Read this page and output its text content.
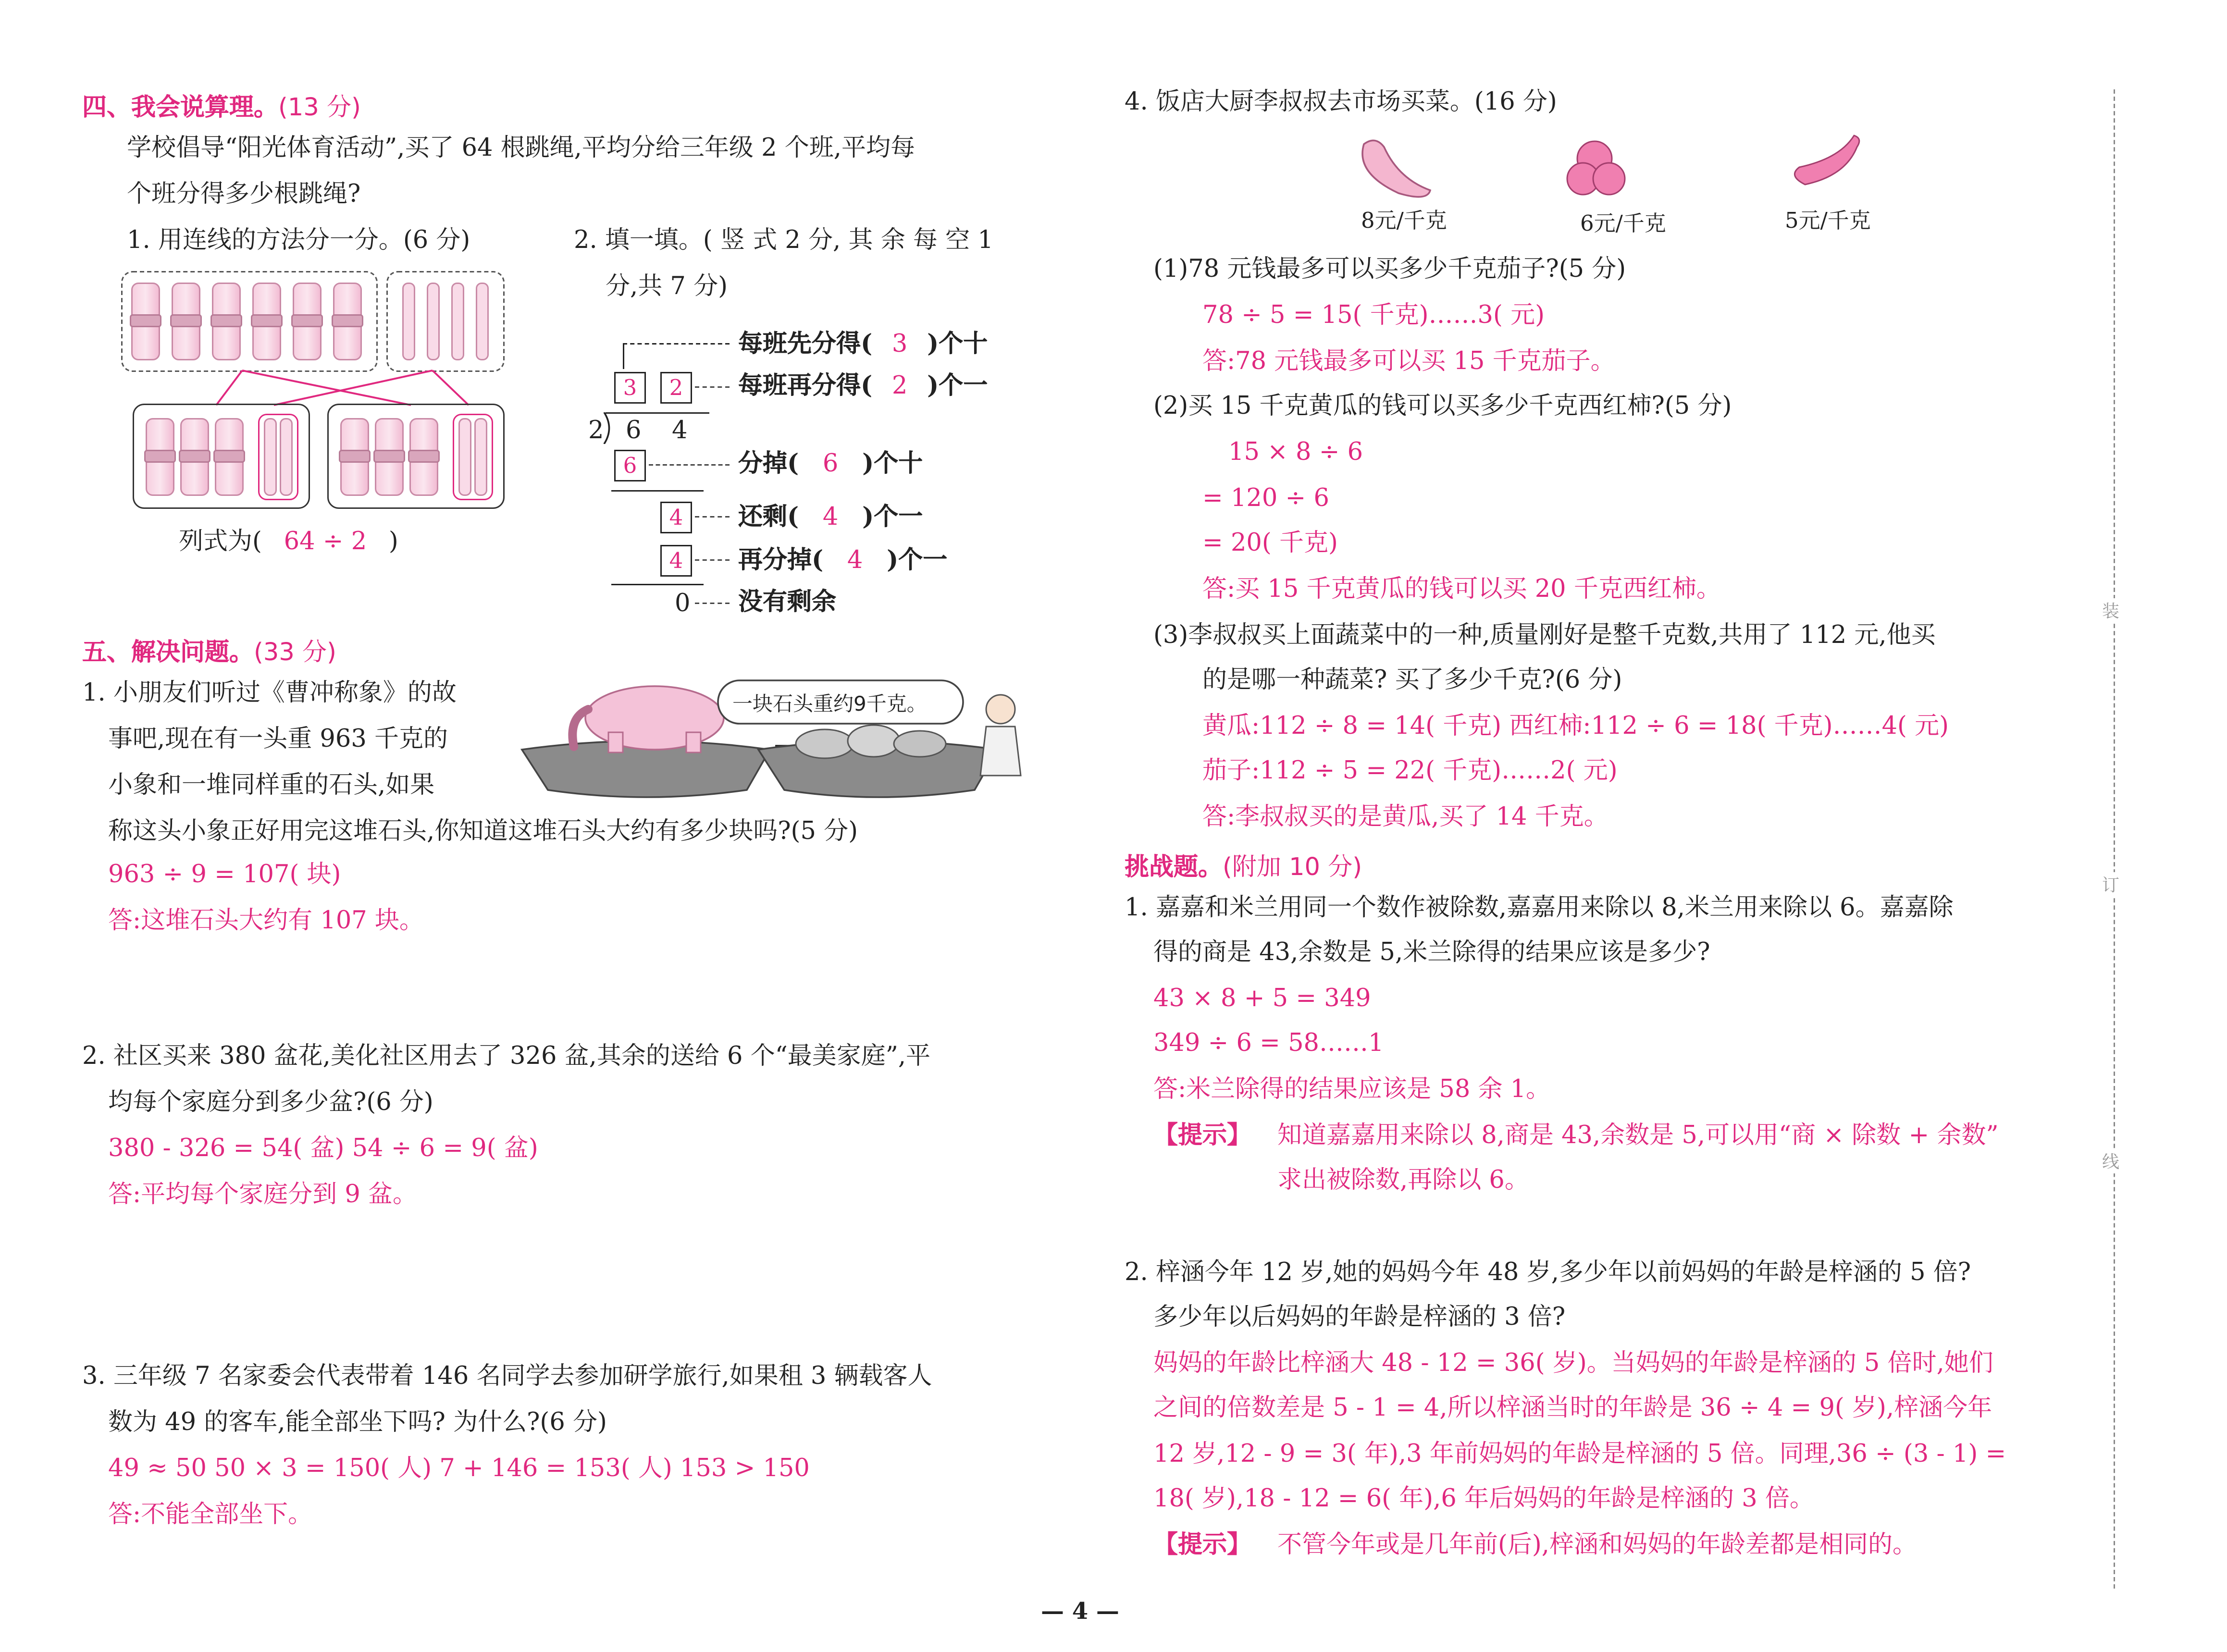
四、我会说算理。(13 分)
学校倡导“阳光体育活动”,买了 64 根跳绳,平均分给三年级 2 个班,平均每
个班分得多少根跳绳?
1. 用连线的方法分一分。(6 分)	2. 填一填。( 竖 式 2 分, 其 余 每 空 1
分,共 7 分)
列式为(	64 ÷ 2	)
3	2
2	6	4
6
4
4
0
每班先分得( 3 )个十
每班再分得( 2 )个一
分掉(	6	)个十
还剩(	4	)个一
再分掉(	4	)个一
没有剩余
五、解决问题。(33 分)
1. 小朋友们听过《曹冲称象》的故
事吧,现在有一头重 963 千克的
小象和一堆同样重的石头,如果
称这头小象正好用完这堆石头,你知道这堆石头大约有多少块吗?(5 分)
一块石头重约9千克。
963 ÷ 9 = 107( 块)
答:这堆石头大约有 107 块。
2. 社区买来 380 盆花,美化社区用去了 326 盆,其余的送给 6 个“最美家庭”,平
均每个家庭分到多少盆?(6 分)
380 - 326 = 54( 盆) 54 ÷ 6 = 9( 盆)
答:平均每个家庭分到 9 盆。
3. 三年级 7 名家委会代表带着 146 名同学去参加研学旅行,如果租 3 辆载客人
数为 49 的客车,能全部坐下吗? 为什么?(6 分)
49 ≈ 50 50 × 3 = 150( 人) 7 + 146 = 153( 人) 153 > 150
答:不能全部坐下。
4. 饭店大厨李叔叔去市场买菜。(16 分)
8元/千克	6元/千克	5元/千克
(1)78 元钱最多可以买多少千克茄子?(5 分)
78 ÷ 5 = 15( 千克)……3( 元)
答:78 元钱最多可以买 15 千克茄子。
(2)买 15 千克黄瓜的钱可以买多少千克西红柿?(5 分)
15 × 8 ÷ 6
= 120 ÷ 6
= 20( 千克)
答:买 15 千克黄瓜的钱可以买 20 千克西红柿。
(3)李叔叔买上面蔬菜中的一种,质量刚好是整千克数,共用了 112 元,他买
的是哪一种蔬菜? 买了多少千克?(6 分)
黄瓜:112 ÷ 8 = 14( 千克) 西红柿:112 ÷ 6 = 18( 千克)……4( 元)
茄子:112 ÷ 5 = 22( 千克)……2( 元)
答:李叔叔买的是黄瓜,买了 14 千克。
挑战题。(附加 10 分)
1. 嘉嘉和米兰用同一个数作被除数,嘉嘉用来除以 8,米兰用来除以 6。嘉嘉除
得的商是 43,余数是 5,米兰除得的结果应该是多少?
43 × 8 + 5 = 349
349 ÷ 6 = 58……1
答:米兰除得的结果应该是 58 余 1。
【提示】	知道嘉嘉用来除以 8,商是 43,余数是 5,可以用“商 × 除数 + 余数”
求出被除数,再除以 6。
2. 梓涵今年 12 岁,她的妈妈今年 48 岁,多少年以前妈妈的年龄是梓涵的 5 倍?
多少年以后妈妈的年龄是梓涵的 3 倍?
妈妈的年龄比梓涵大 48 - 12 = 36( 岁)。当妈妈的年龄是梓涵的 5 倍时,她们
之间的倍数差是 5 - 1 = 4,所以梓涵当时的年龄是 36 ÷ 4 = 9( 岁),梓涵今年
12 岁,12 - 9 = 3( 年),3 年前妈妈的年龄是梓涵的 5 倍。同理,36 ÷ (3 - 1) =
18( 岁),18 - 12 = 6( 年),6 年后妈妈的年龄是梓涵的 3 倍。
【提示】	不管今年或是几年前(后),梓涵和妈妈的年龄差都是相同的。
装
订
线
— 4 —
